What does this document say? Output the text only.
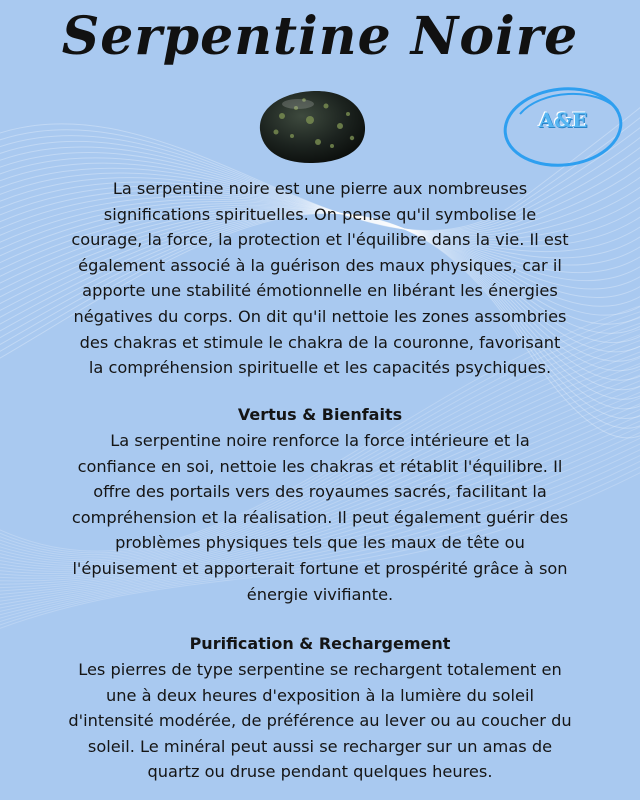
Serpentine Noire
A&E
La serpentine noire est une pierre aux nombreuses
significations spirituelles. On pense qu'il symbolise le
courage, la force, la protection et l'équilibre dans la vie. Il est
également associé à la guérison des maux physiques, car il
apporte une stabilité émotionnelle en libérant les énergies
négatives du corps. On dit qu'il nettoie les zones assombries
des chakras et stimule le chakra de la couronne, favorisant
la compréhension spirituelle et les capacités psychiques.
Vertus & Bienfaits
La serpentine noire renforce la force intérieure et la
confiance en soi, nettoie les chakras et rétablit l'équilibre. Il
offre des portails vers des royaumes sacrés, facilitant la
compréhension et la réalisation. Il peut également guérir des
problèmes physiques tels que les maux de tête ou
l'épuisement et apporterait fortune et prospérité grâce à son
énergie vivifiante.
Purification & Rechargement
Les pierres de type serpentine se rechargent totalement en
une à deux heures d'exposition à la lumière du soleil
d'intensité modérée, de préférence au lever ou au coucher du
soleil. Le minéral peut aussi se recharger sur un amas de
quartz ou druse pendant quelques heures.
